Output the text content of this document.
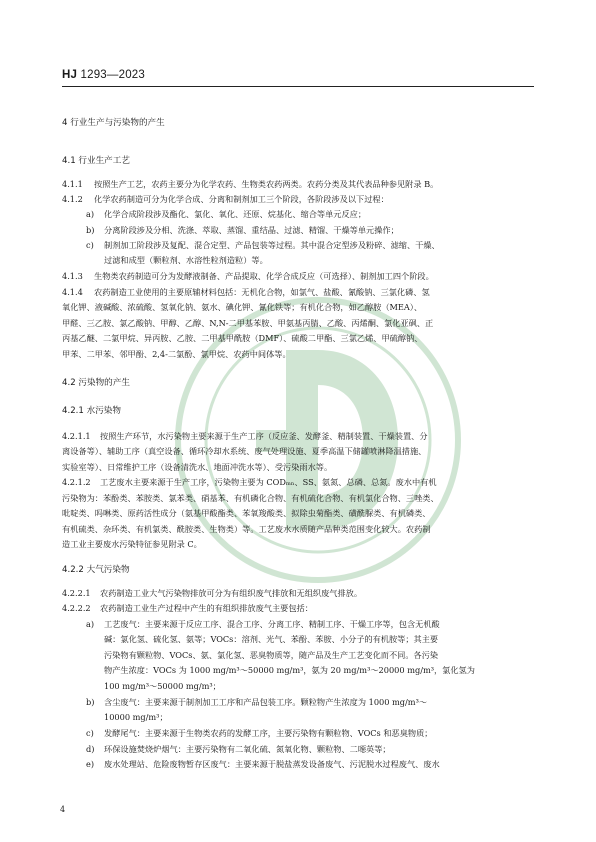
HJ 1293—2023
4 行业生产与污染物的产生
4.1 行业生产工艺
4.1.1 按照生产工艺，农药主要分为化学农药、生物类农药两类。农药分类及其代表品种参见附录 B。
4.1.2 化学农药制造可分为化学合成、分离和制剂加工三个阶段，各阶段涉及以下过程：
a) 化学合成阶段涉及酯化、氯化、氧化、还原、烷基化、缩合等单元反应；
b) 分离阶段涉及分相、洗涤、萃取、蒸馏、重结晶、过滤、精馏、干燥等单元操作；
c) 制剂加工阶段涉及复配、混合定型、产品包装等过程。其中混合定型涉及粉碎、滤缩、干燥、
过滤和成型（颗粒剂、水溶性粒剂造粒）等。
4.1.3 生物类农药制造可分为发酵液制备、产品提取、化学合成反应（可选择）、制剂加工四个阶段。
4.1.4 农药制造工业使用的主要原辅材料包括：无机化合物，如氯气、盐酸、氰酸钠、三氯化磷、氢
氧化钾、液碱酸、浓硫酸、氢氧化钠、氨水、碘化钾、氰化铁等；有机化合物，如乙醇胺（MEA）、
甲醛、三乙胺、氯乙酸钠、甲醇、乙醇、N,N-二甲基苯胺、甲氨基丙腈、乙酸、丙烯酮、氯化亚砜、正
丙基乙醚、二氯甲烷、异丙胺、乙胺、二甲基甲酰胺（DMF）、硫酸二甲酯、三氯乙烯、甲硫醇钠、
甲苯、二甲苯、邻甲酚、2,4-二氯酚、氯甲烷、农药中间体等。
4.2 污染物的产生
4.2.1 水污染物
4.2.1.1 按照生产环节，水污染物主要来源于生产工序（反应釜、发酵釜、精制装置、干燥装置、分
离设备等）、辅助工序（真空设备、循环冷却水系统、废气处理设施、夏季高温下储罐喷淋降温措施、
实验室等）、日常维护工序（设备清洗水、地面冲洗水等）、受污染雨水等。
4.2.1.2 工艺废水主要来源于生产工序，污染物主要为 CODₘₙ、SS、氨氮、总磷、总氮。废水中有机
污染物为：苯酚类、苯胺类、氯苯类、硝基苯、有机磷化合物、有机硫化合物、有机氯化合物、三唑类、
吡啶类、吗啉类、原药活性成分（氨基甲酸酯类、苯氧羧酸类、拟除虫菊酯类、磺酰脲类、有机磷类、
有机硫类、杂环类、有机氯类、酰胺类、生物类）等。工艺废水水质随产品种类范围变化较大。农药制
造工业主要废水污染特征参见附录 C。
4.2.2 大气污染物
4.2.2.1 农药制造工业大气污染物排放可分为有组织废气排放和无组织废气排放。
4.2.2.2 农药制造工业生产过程中产生的有组织排放废气主要包括：
a) 工艺废气：主要来源于反应工序、混合工序、分离工序、精制工序、干燥工序等，包含无机酸
碱：氯化氢、硫化氢、氨等；VOCs：溶剂、光气、苯酚、苯胺、小分子的有机胺等；其主要
污染物有颗粒物、VOCs、氨、氯化氢、恶臭物质等，随产品及生产工艺变化而不同。各污染
物产生浓度：VOCs 为 1000 mg/m³～50000 mg/m³，氨为 20 mg/m³～20000 mg/m³，氯化氢为
100 mg/m³～50000 mg/m³；
b) 含尘废气：主要来源于制剂加工工序和产品包装工序。颗粒物产生浓度为 1000 mg/m³～
10000 mg/m³；
c) 发酵尾气：主要来源于生物类农药的发酵工序，主要污染物有颗粒物、VOCs 和恶臭物质；
d) 环保设施焚烧炉烟气：主要污染物有二氧化硫、氮氧化物、颗粒物、二噁英等；
e) 废水处理站、危险废物暂存区废气：主要来源于脱盐蒸发设备废气、污泥脱水过程废气、废水
4
